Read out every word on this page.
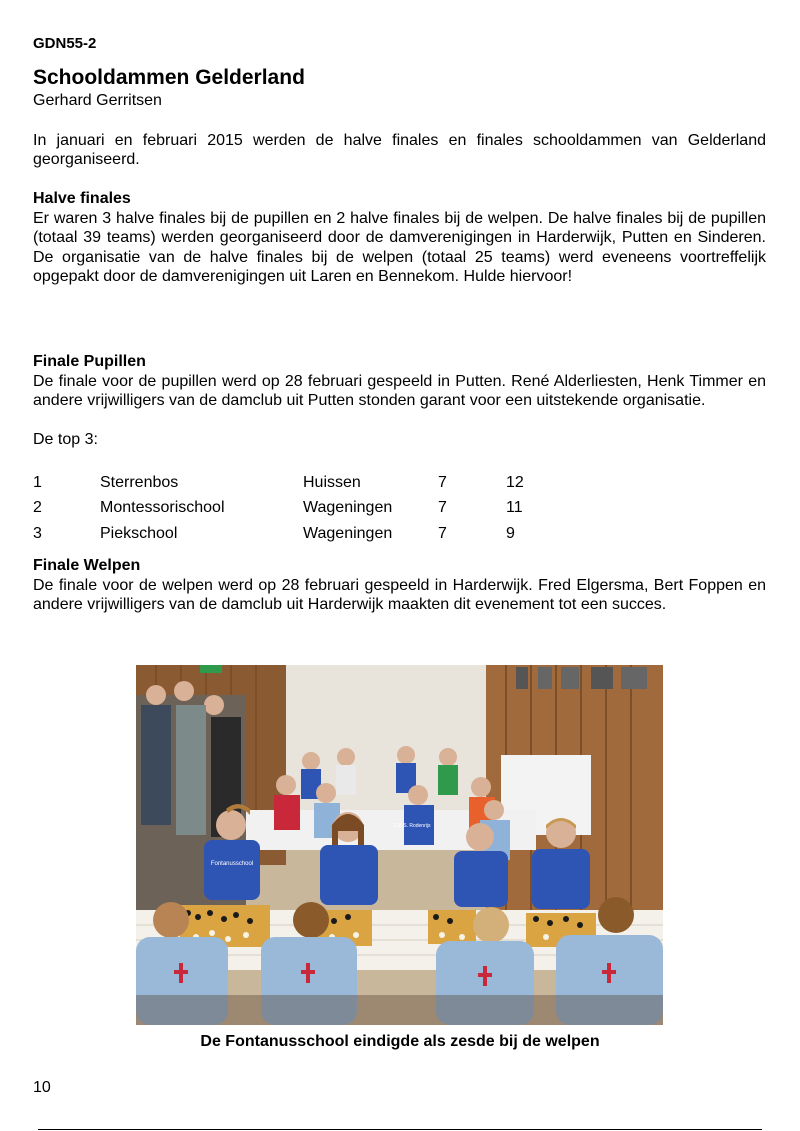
GDN55-2
Schooldammen Gelderland
Gerhard Gerritsen

In januari en februari 2015 werden de halve finales en finales schooldammen van Gelderland georganiseerd.

Halve finales

Er waren 3 halve finales bij de pupillen en 2 halve finales bij de welpen. De halve finales bij de pupillen (totaal 39 teams) werden georganiseerd door de damverenigingen in Harderwijk, Putten en Sinderen. De organisatie van de halve finales bij de welpen (totaal 25 teams) werd eveneens voortreffelijk opgepakt door de damverenigingen uit Laren en Bennekom. Hulde hiervoor!

Finale Pupillen

De finale voor de pupillen werd op 28 februari gespeeld in Putten. René Alderliesten, Henk Timmer en andere vrijwilligers van de damclub uit Putten stonden garant voor een uitstekende organisatie.

De top 3:

1	Sterrenbos	Huissen	7	12
2	Montessorischool	Wageningen	7	11
3	Piekschool	Wageningen	7	9
Finale Welpen

De finale voor de welpen werd op 28 februari gespeeld in Harderwijk. Fred Elgersma, Bert Foppen en andere vrijwilligers van de damclub uit Harderwijk maakten dit evenement tot een succes.

Fontanusschool
C.B.S. Rodenrijs
De Fontanusschool eindigde als zesde bij de welpen
10
